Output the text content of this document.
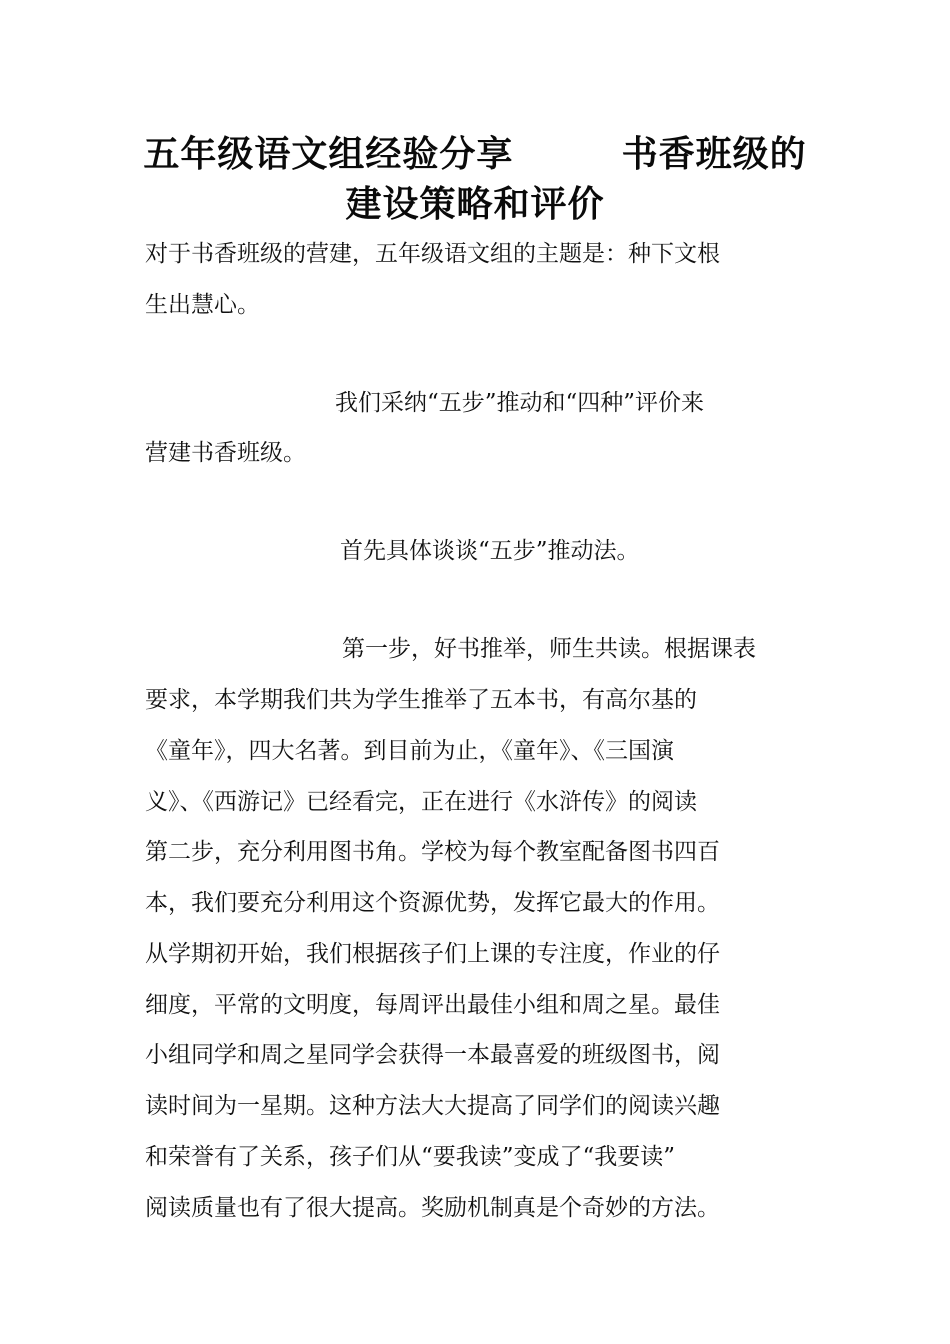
五年级语文组经验分享        书香班级的
建设策略和评价

对于书香班级的营建，五年级语文组的主题是：种下文根

生出慧心。

我们采纳“五步”推动和“四种”评价来

营建书香班级。

首先具体谈谈“五步”推动法。

第一步，好书推举，师生共读。根据课表

要求，本学期我们共为学生推举了五本书，有高尔基的

《童年》，四大名著。到目前为止，《童年》、《三国演

义》、《西游记》已经看完，正在进行《水浒传》的阅读

第二步，充分利用图书角。学校为每个教室配备图书四百

本，我们要充分利用这个资源优势，发挥它最大的作用。

从学期初开始，我们根据孩子们上课的专注度，作业的仔

细度，平常的文明度，每周评出最佳小组和周之星。最佳

小组同学和周之星同学会获得一本最喜爱的班级图书，阅

读时间为一星期。这种方法大大提高了同学们的阅读兴趣

和荣誉有了关系，孩子们从“要我读”变成了“我要读”

阅读质量也有了很大提高。奖励机制真是个奇妙的方法。
